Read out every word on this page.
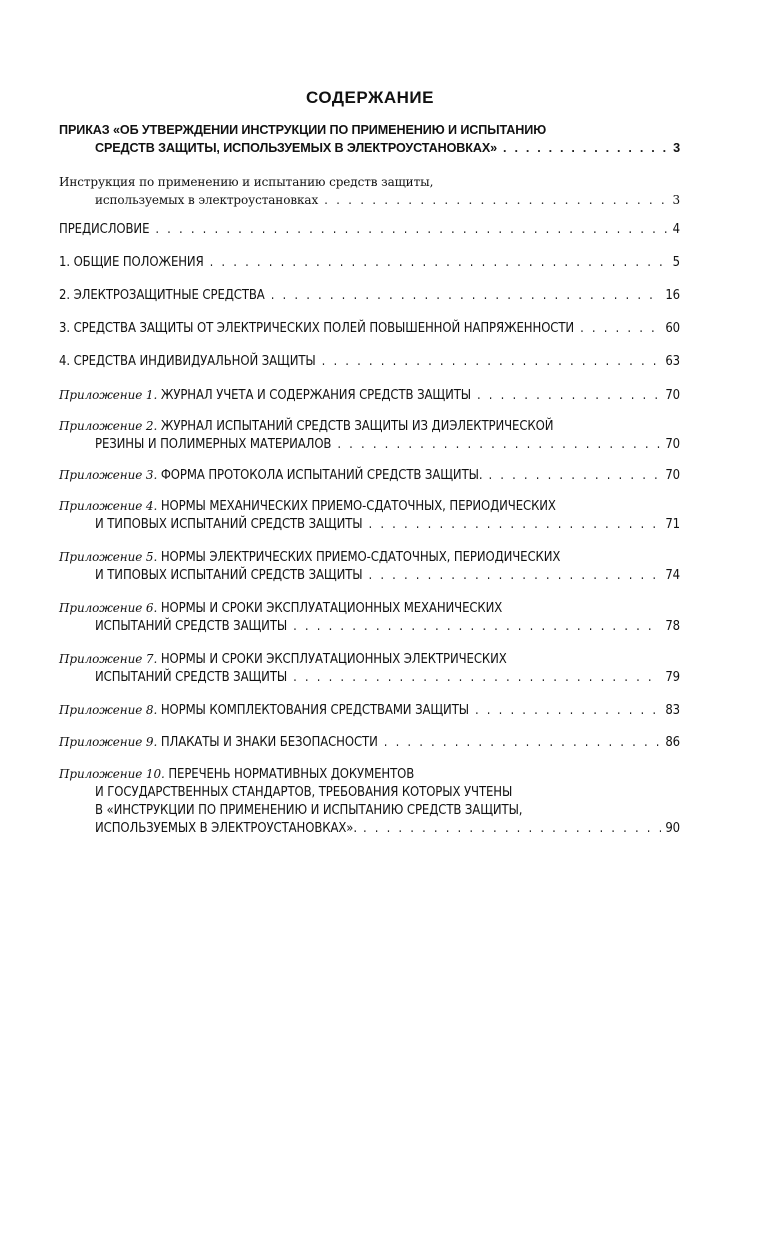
СОДЕРЖАНИЕ
ПРИКАЗ «ОБ УТВЕРЖДЕНИИ ИНСТРУКЦИИ ПО ПРИМЕНЕНИЮ И ИСПЫТАНИЮ
СРЕДСТВ ЗАЩИТЫ, ИСПОЛЬЗУЕМЫХ В ЭЛЕКТРОУСТАНОВКАХ» . . .	3
Инструкция по применению и испытанию средств защиты,
используемых в электроустановках . . .	3
ПРЕДИСЛОВИЕ . . .	4
1. ОБЩИЕ ПОЛОЖЕНИЯ . . .	5
2. ЭЛЕКТРОЗАЩИТНЫЕ СРЕДСТВА . . .	16
3. СРЕДСТВА ЗАЩИТЫ ОТ ЭЛЕКТРИЧЕСКИХ ПОЛЕЙ ПОВЫШЕННОЙ НАПРЯЖЕННОСТИ . . .	60
4. СРЕДСТВА ИНДИВИДУАЛЬНОЙ ЗАЩИТЫ . . .	63
Приложение 1. ЖУРНАЛ УЧЕТА И СОДЕРЖАНИЯ СРЕДСТВ ЗАЩИТЫ . . .	70
Приложение 2. ЖУРНАЛ ИСПЫТАНИЙ СРЕДСТВ ЗАЩИТЫ ИЗ ДИЭЛЕКТРИЧЕСКОЙ
РЕЗИНЫ И ПОЛИМЕРНЫХ МАТЕРИАЛОВ . . .	70
Приложение 3. ФОРМА ПРОТОКОЛА ИСПЫТАНИЙ СРЕДСТВ ЗАЩИТЫ. . . .	70
Приложение 4. НОРМЫ МЕХАНИЧЕСКИХ ПРИЕМО-СДАТОЧНЫХ, ПЕРИОДИЧЕСКИХ
И ТИПОВЫХ ИСПЫТАНИЙ СРЕДСТВ ЗАЩИТЫ . . .	71
Приложение 5. НОРМЫ ЭЛЕКТРИЧЕСКИХ ПРИЕМО-СДАТОЧНЫХ, ПЕРИОДИЧЕСКИХ
И ТИПОВЫХ ИСПЫТАНИЙ СРЕДСТВ ЗАЩИТЫ . . .	74
Приложение 6. НОРМЫ И СРОКИ ЭКСПЛУАТАЦИОННЫХ МЕХАНИЧЕСКИХ
ИСПЫТАНИЙ СРЕДСТВ ЗАЩИТЫ . . .	78
Приложение 7. НОРМЫ И СРОКИ ЭКСПЛУАТАЦИОННЫХ ЭЛЕКТРИЧЕСКИХ
ИСПЫТАНИЙ СРЕДСТВ ЗАЩИТЫ . . .	79
Приложение 8. НОРМЫ КОМПЛЕКТОВАНИЯ СРЕДСТВАМИ ЗАЩИТЫ . . .	83
Приложение 9. ПЛАКАТЫ И ЗНАКИ БЕЗОПАСНОСТИ . . .	86
Приложение 10. ПЕРЕЧЕНЬ НОРМАТИВНЫХ ДОКУМЕНТОВ
И ГОСУДАРСТВЕННЫХ СТАНДАРТОВ, ТРЕБОВАНИЯ КОТОРЫХ УЧТЕНЫ
В «ИНСТРУКЦИИ ПО ПРИМЕНЕНИЮ И ИСПЫТАНИЮ СРЕДСТВ ЗАЩИТЫ,
ИСПОЛЬЗУЕМЫХ В ЭЛЕКТРОУСТАНОВКАХ». . . .	90
